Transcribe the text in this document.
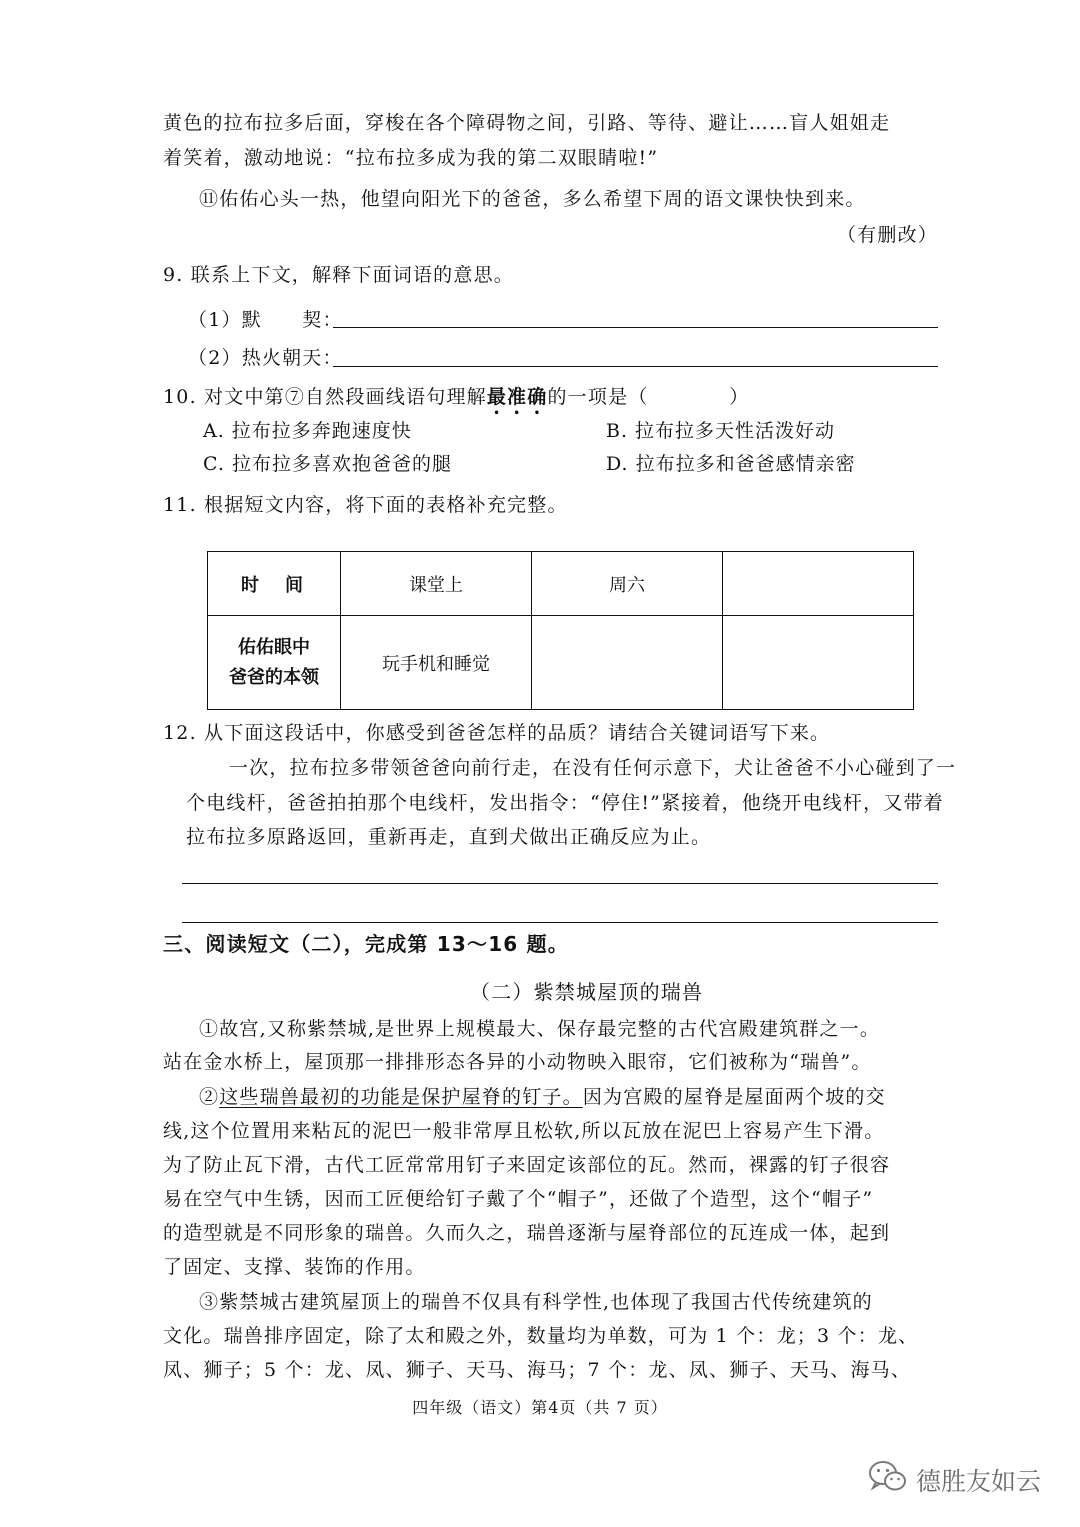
黄色的拉布拉多后面，穿梭在各个障碍物之间，引路、等待、避让……盲人姐姐走
着笑着，激动地说：“拉布拉多成为我的第二双眼睛啦!”
⑪佑佑心头一热，他望向阳光下的爸爸，多么希望下周的语文课快快到来。
（有删改）
9. 联系上下文，解释下面词语的意思。
（1）默　　契：
（2）热火朝天：
10. 对文中第⑦自然段画线语句理解最准确的一项是（　　　　）
A. 拉布拉多奔跑速度快	B. 拉布拉多天性活泼好动
C. 拉布拉多喜欢抱爸爸的腿	D. 拉布拉多和爸爸感情亲密
11. 根据短文内容，将下面的表格补充完整。
时　间	课堂上	周六	

佑佑眼中
爸爸的本领	玩手机和睡觉		
12. 从下面这段话中，你感受到爸爸怎样的品质？请结合关键词语写下来。
一次，拉布拉多带领爸爸向前行走，在没有任何示意下，犬让爸爸不小心碰到了一
个电线杆，爸爸拍拍那个电线杆，发出指令：“停住!”紧接着，他绕开电线杆，又带着
拉布拉多原路返回，重新再走，直到犬做出正确反应为止。
三、阅读短文（二），完成第 13～16 题。
（二）紫禁城屋顶的瑞兽
①故宫,又称紫禁城,是世界上规模最大、保存最完整的古代宫殿建筑群之一。
站在金水桥上，屋顶那一排排形态各异的小动物映入眼帘，它们被称为“瑞兽”。
②这些瑞兽最初的功能是保护屋脊的钉子。因为宫殿的屋脊是屋面两个坡的交
线,这个位置用来粘瓦的泥巴一般非常厚且松软,所以瓦放在泥巴上容易产生下滑。
为了防止瓦下滑，古代工匠常常用钉子来固定该部位的瓦。然而，裸露的钉子很容
易在空气中生锈，因而工匠便给钉子戴了个“帽子”，还做了个造型，这个“帽子”
的造型就是不同形象的瑞兽。久而久之，瑞兽逐渐与屋脊部位的瓦连成一体，起到
了固定、支撑、装饰的作用。
③紫禁城古建筑屋顶上的瑞兽不仅具有科学性,也体现了我国古代传统建筑的
文化。瑞兽排序固定，除了太和殿之外，数量均为单数，可为 1 个：龙；3 个：龙、
凤、狮子；5 个：龙、凤、狮子、天马、海马；7 个：龙、凤、狮子、天马、海马、
四年级（语文）第4页（共 7 页）
德胜友如云
